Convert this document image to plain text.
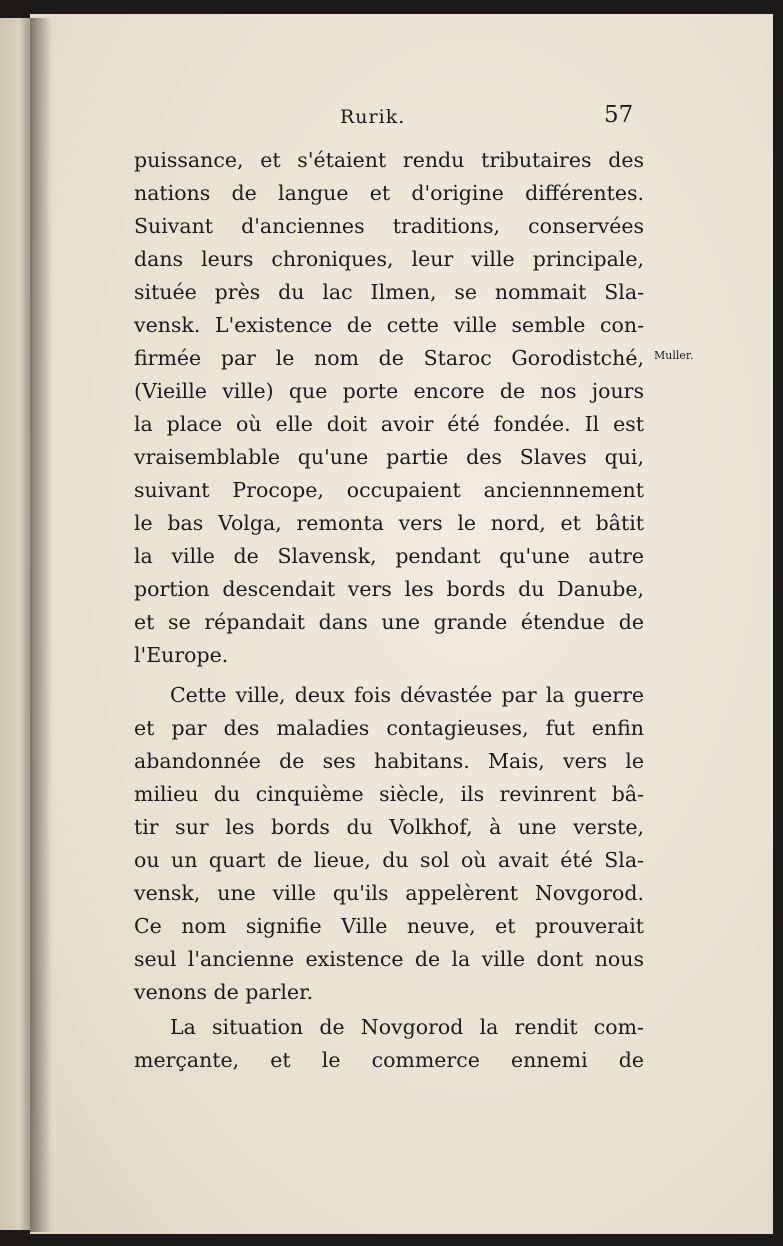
Rurik.	57
Muller.
puissance, et s'étaient rendu tributaires des
nations de langue et d'origine différentes.
Suivant d'anciennes traditions, conservées
dans leurs chroniques, leur ville principale,
située près du lac Ilmen, se nommait Sla-
vensk. L'existence de cette ville semble con-
firmée par le nom de Staroc Gorodistché,
(Vieille ville) que porte encore de nos jours
la place où elle doit avoir été fondée. Il est
vraisemblable qu'une partie des Slaves qui,
suivant Procope, occupaient anciennnement
le bas Volga, remonta vers le nord, et bâtit
la ville de Slavensk, pendant qu'une autre
portion descendait vers les bords du Danube,
et se répandait dans une grande étendue de
l'Europe.
Cette ville, deux fois dévastée par la guerre
et par des maladies contagieuses, fut enfin
abandonnée de ses habitans. Mais, vers le
milieu du cinquième siècle, ils revinrent bâ-
tir sur les bords du Volkhof, à une verste,
ou un quart de lieue, du sol où avait été Sla-
vensk, une ville qu'ils appelèrent Novgorod.
Ce nom signifie Ville neuve, et prouverait
seul l'ancienne existence de la ville dont nous
venons de parler.
La situation de Novgorod la rendit com-
merçante, et le commerce ennemi de
